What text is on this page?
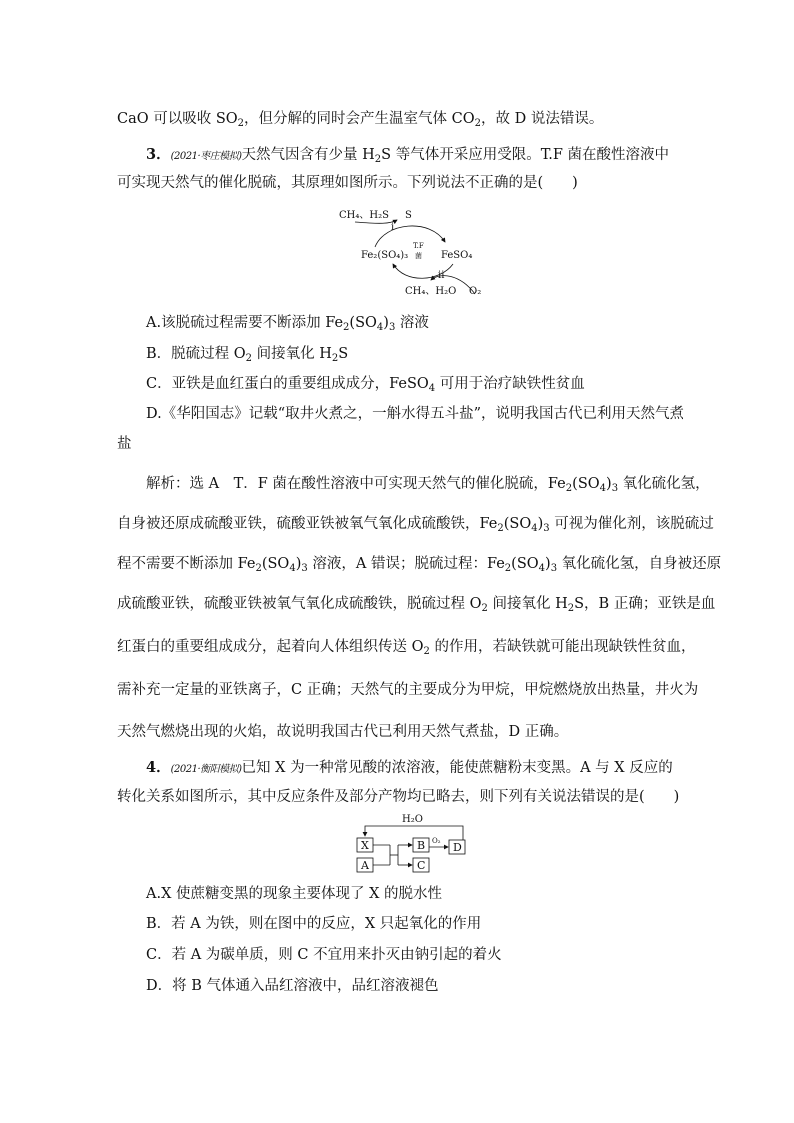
CaO 可以吸收 $SO_2$，但分解的同时会产生温室气体 $CO_2$，故 D 说法错误。
3．(2021·枣庄模拟)天然气因含有少量 $H_2S$ 等气体开采应用受限。T.F 菌在酸性溶液中
可实现天然气的催化脱硫，其原理如图所示。下列说法不正确的是(　　)
CH₄、H₂S S
i
Fe₂(SO₄)₃
T.F
菌 FeSO₄
ii
CH₄、H₂O O₂
A.该脱硫过程需要不断添加 $Fe_2(SO_4)_3$ 溶液
B．脱硫过程 $O_2$ 间接氧化 $H_2S$
C．亚铁是血红蛋白的重要组成成分，FeSO$_4$ 可用于治疗缺铁性贫血
D.《华阳国志》记载“取井火煮之，一斛水得五斗盐”，说明我国古代已利用天然气煮
盐
解析：选 A　T．F 菌在酸性溶液中可实现天然气的催化脱硫，$Fe_2(SO_4)_3$ 氧化硫化氢，
自身被还原成硫酸亚铁，硫酸亚铁被氧气氧化成硫酸铁，$Fe_2(SO_4)_3$ 可视为催化剂，该脱硫过
程不需要不断添加 $Fe_2(SO_4)_3$ 溶液，A 错误；脱硫过程：$Fe_2(SO_4)_3$ 氧化硫化氢，自身被还原
成硫酸亚铁，硫酸亚铁被氧气氧化成硫酸铁，脱硫过程 $O_2$ 间接氧化 $H_2S$，B 正确；亚铁是血
红蛋白的重要组成成分，起着向人体组织传送 $O_2$ 的作用，若缺铁就可能出现缺铁性贫血，
需补充一定量的亚铁离子，C 正确；天然气的主要成分为甲烷，甲烷燃烧放出热量，井火为
天然气燃烧出现的火焰，故说明我国古代已利用天然气煮盐，D 正确。
4．(2021·衡阳模拟)已知 X 为一种常见酸的浓溶液，能使蔗糖粉末变黑。A 与 X 反应的
转化关系如图所示，其中反应条件及部分产物均已略去，则下列有关说法错误的是(　　)
H₂O
X
A
B
C
D
O₂
A.X 使蔗糖变黑的现象主要体现了 X 的脱水性
B．若 A 为铁，则在图中的反应，X 只起氧化的作用
C．若 A 为碳单质，则 C 不宜用来扑灭由钠引起的着火
D．将 B 气体通入品红溶液中，品红溶液褪色
